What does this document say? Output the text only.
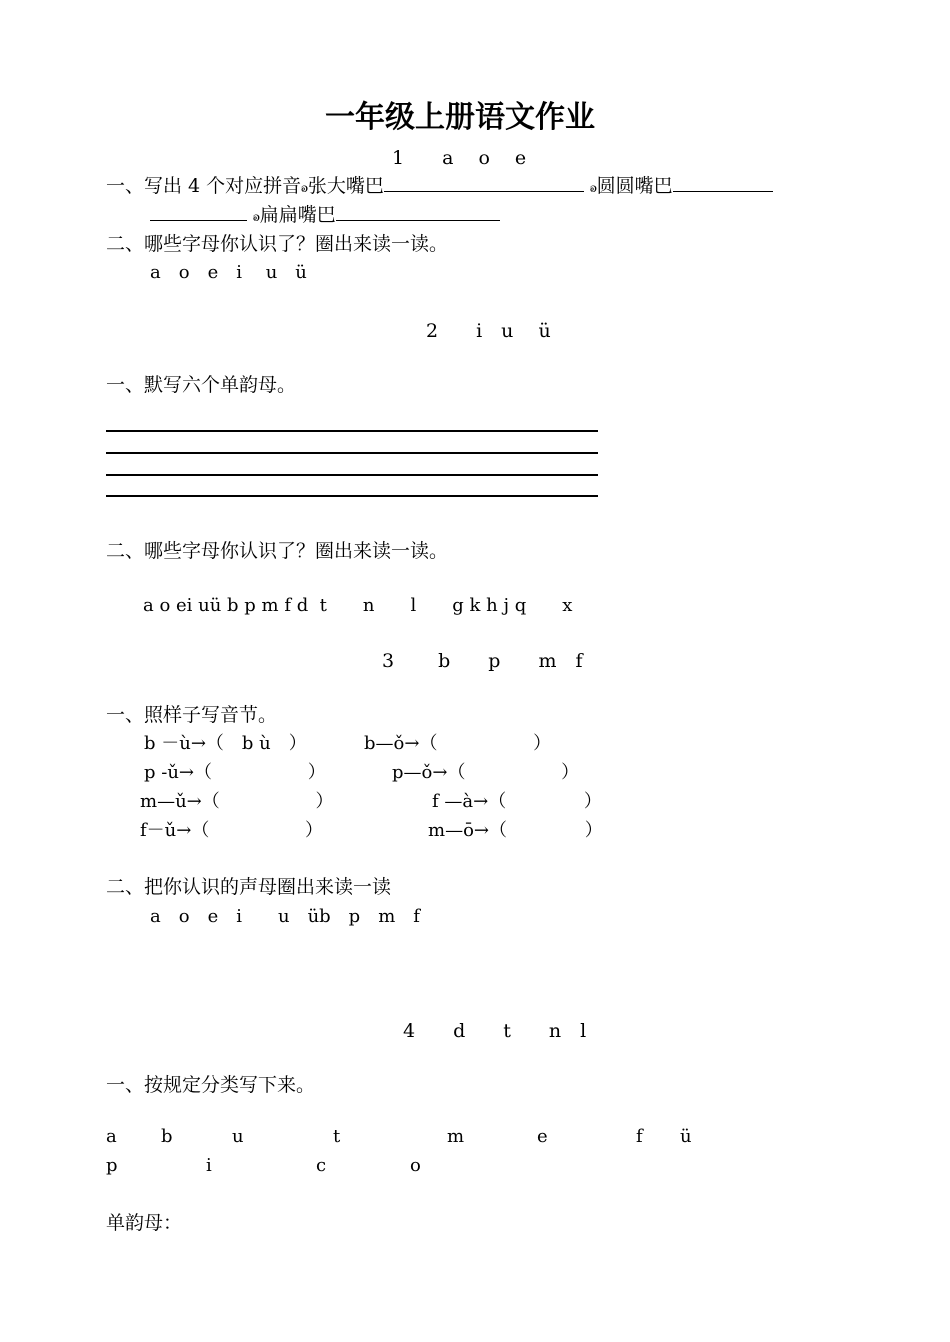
一年级上册语文作业
1　　a　 o　 e
一、写出 4 个对应拼音ꭷ张大嘴巴	ꭷ圆圆嘴巴
ꭷ扁扁嘴巴
二、哪些字母你认识了？圈出来读一读。
a　o　e　i　 u　ü
2　　i　u　 ü
一、默写六个单韵母。
二、哪些字母你认识了？圈出来读一读。
a o ei uü b p m f d  t　　n　　l　　g k h j q　　x
3　　 b　　p　　m　f
一、照样子写音节。
b －ù→（　b ù　）	b—ǒ→（　　　　　 ）
p -ǔ→（　　　　　 ）	p—ǒ→（　　　　　 ）
m—ǔ→（　　　　　 ）	f —à→（　　　　 ）
f－ǔ→（　　　　　 ）	m—ō→（　　　　 ）
二、把你认识的声母圈出来读一读
a　o　e　i　　u　üb　p　m　f
4　　d　　t　　n　l
一、按规定分类写下来。
a b	u	t	m	e	f ü
p	i	c	o
单韵母：
